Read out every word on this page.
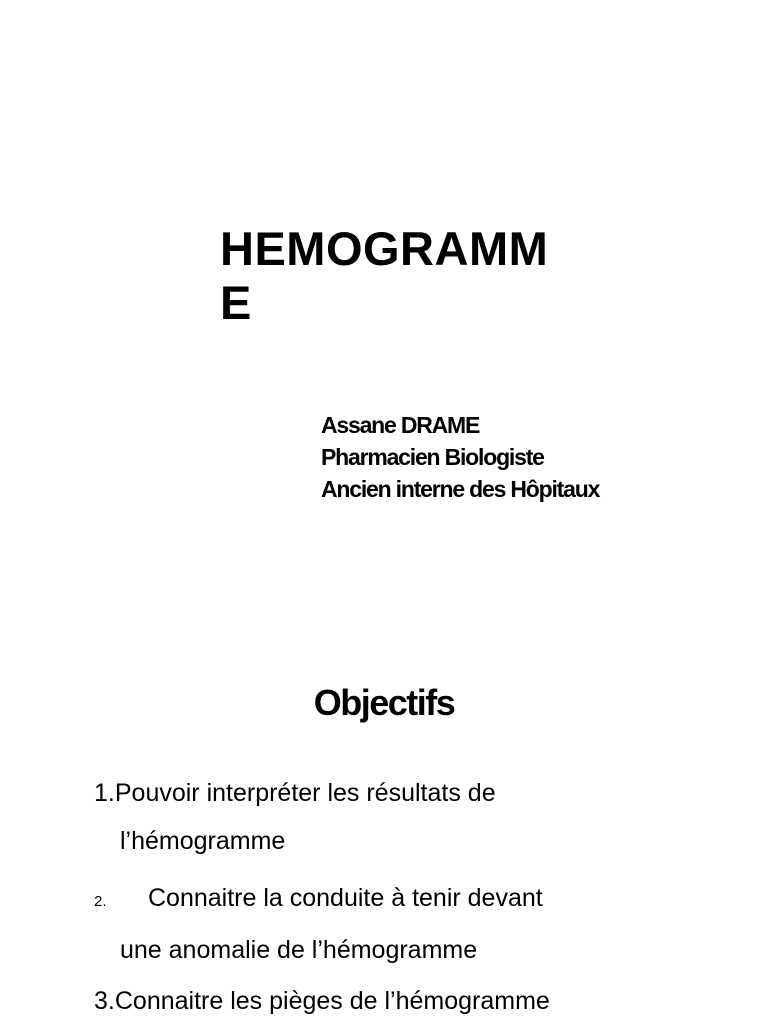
HEMOGRAMM
E
Assane DRAME
Pharmacien Biologiste
Ancien interne des Hôpitaux
Objectifs
1.Pouvoir interpréter les résultats de
l’hémogramme
2. Connaitre la conduite à tenir devant
une anomalie de l’hémogramme
3.Connaitre les pièges de l’hémogramme
